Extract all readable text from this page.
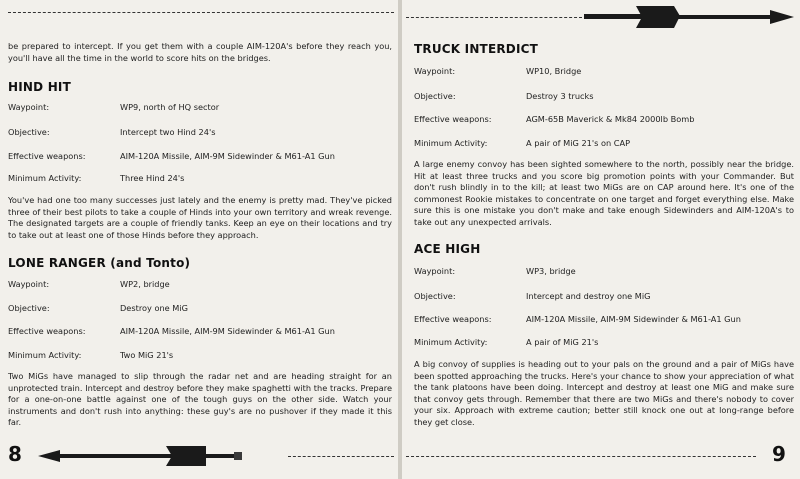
be prepared to intercept. If you get them with a couple AIM-120A's before they reach you, you'll have all the time in the world to score hits on the bridges.

HIND HIT
Waypoint:	WP9, north of HQ sector
Objective:	Intercept two Hind 24's
Effective weapons:	AIM-120A Missile, AIM-9M Sidewinder & M61-A1 Gun
Minimum Activity:	Three Hind 24's

You've had one too many successes just lately and the enemy is pretty mad. They've picked three of their best pilots to take a couple of Hinds into your own territory and wreak revenge. The designated targets are a couple of friendly tanks. Keep an eye on their locations and try to take out at least one of those Hinds before they approach.

LONE RANGER (and Tonto)
Waypoint:	WP2, bridge
Objective:	Destroy one MiG
Effective weapons:	AIM-120A Missile, AIM-9M Sidewinder & M61-A1 Gun
Minimum Activity:	Two MiG 21's

Two MiGs have managed to slip through the radar net and are heading straight for an unprotected train. Intercept and destroy before they make spaghetti with the tracks. Prepare for a one-on-one battle against one of the tough guys on the other side. Watch your instruments and don't rush into anything: these guy's are no pushover if they made it this far.

8
TRUCK INTERDICT
Waypoint:	WP10, Bridge
Objective:	Destroy 3 trucks
Effective weapons:	AGM-65B Maverick & Mk84 2000lb Bomb
Minimum Activity:	A pair of MiG 21's on CAP

A large enemy convoy has been sighted somewhere to the north, possibly near the bridge. Hit at least three trucks and you score big promotion points with your Commander. But don't rush blindly in to the kill; at least two MiGs are on CAP around here. It's one of the commonest Rookie mistakes to concentrate on one target and forget everything else. Make sure this is one mistake you don't make and take enough Sidewinders and AIM-120A's to take out any unexpected arrivals.

ACE HIGH
Waypoint:	WP3, bridge
Objective:	Intercept and destroy one MiG
Effective weapons:	AIM-120A Missile, AIM-9M Sidewinder & M61-A1 Gun
Minimum Activity:	A pair of MiG 21's

A big convoy of supplies is heading out to your pals on the ground and a pair of MiGs have been spotted approaching the trucks. Here's your chance to show your appreciation of what the tank platoons have been doing. Intercept and destroy at least one MiG and make sure that convoy gets through. Remember that there are two MiGs and there's nobody to cover your six. Approach with extreme caution; better still knock one out at long-range before they get close.

9
